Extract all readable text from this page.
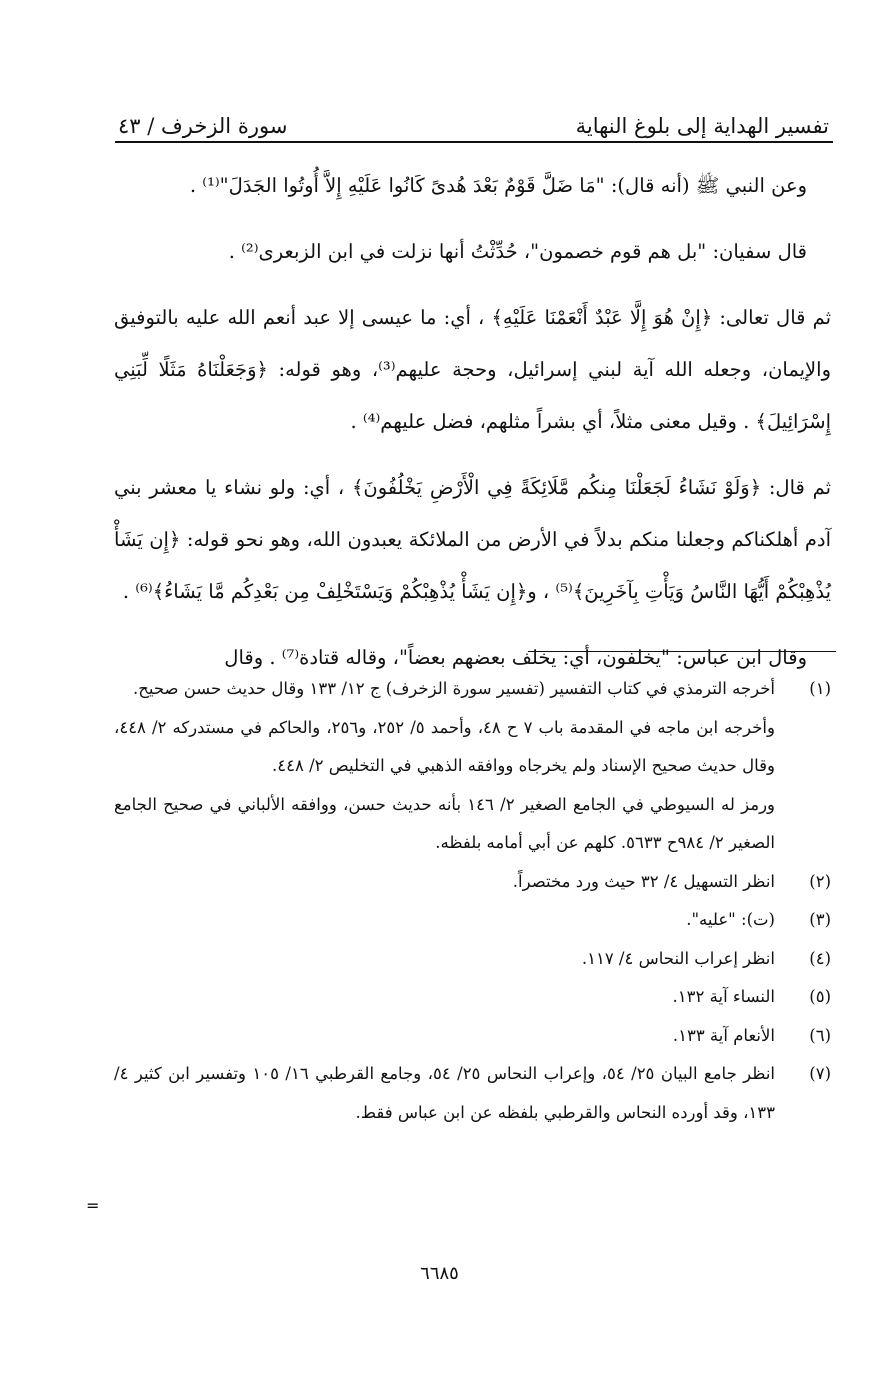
تفسير الهداية إلى بلوغ النهاية
سورة الزخرف / ٤٣

وعن النبي ﷺ (أنه قال): "مَا ضَلَّ قَوْمٌ بَعْدَ هُدىً كَانُوا عَلَيْهِ إِلاَّ أُوتُوا الجَدَلَ"⁽¹⁾ .

قال سفيان: "بل هم قوم خصمون"، حُدِّثْتُ أنها نزلت في ابن الزبعرى⁽²⁾ .

ثم قال تعالى: ﴿إِنْ هُوَ إِلَّا عَبْدٌ أَنْعَمْنَا عَلَيْهِ﴾ ، أي: ما عيسى إلا عبد أنعم الله عليه بالتوفيق والإيمان، وجعله الله آية لبني إسرائيل، وحجة عليهم⁽³⁾، وهو قوله: ﴿وَجَعَلْنَاهُ مَثَلًا لِّبَنِي إِسْرَائِيلَ﴾ . وقيل معنى مثلاً، أي بشراً مثلهم، فضل عليهم⁽⁴⁾ .

ثم قال: ﴿وَلَوْ نَشَاءُ لَجَعَلْنَا مِنكُم مَّلَائِكَةً فِي الْأَرْضِ يَخْلُفُونَ﴾ ، أي: ولو نشاء يا معشر بني آدم أهلكناكم وجعلنا منكم بدلاً في الأرض من الملائكة يعبدون الله، وهو نحو قوله: ﴿إِن يَشَأْ يُذْهِبْكُمْ أَيُّهَا النَّاسُ وَيَأْتِ بِآخَرِينَ﴾⁽⁵⁾ ، و﴿إِن يَشَأْ يُذْهِبْكُمْ وَيَسْتَخْلِفْ مِن بَعْدِكُم مَّا يَشَاءُ﴾⁽⁶⁾ .

وقال ابن عباس: "يخلفون، أي: يخلف بعضهم بعضاً"، وقاله قتادة⁽⁷⁾ . وقال

(١)
أخرجه الترمذي في كتاب التفسير (تفسير سورة الزخرف) ج ١٢/ ١٣٣ وقال حديث حسن صحيح.
وأخرجه ابن ماجه في المقدمة باب ٧ ح ٤٨، وأحمد ٥/ ٢٥٢، و٢٥٦، والحاكم في مستدركه ٢/ ٤٤٨، وقال حديث صحيح الإسناد ولم يخرجاه ووافقه الذهبي في التخليص ٢/ ٤٤٨.
ورمز له السيوطي في الجامع الصغير ٢/ ١٤٦ بأنه حديث حسن، ووافقه الألباني في صحيح الجامع الصغير ٢/ ٩٨٤ح ٥٦٣٣. كلهم عن أبي أمامه بلفظه.
(٢)
انظر التسهيل ٤/ ٣٢ حيث ورد مختصراً.
(٣)
(ت): "عليه".
(٤)
انظر إعراب النحاس ٤/ ١١٧.
(٥)
النساء آية ١٣٢.
(٦)
الأنعام آية ١٣٣.
(٧)
انظر جامع البيان ٢٥/ ٥٤، وإعراب النحاس ٢٥/ ٥٤، وجامع القرطبي ١٦/ ١٠٥ وتفسير ابن كثير ٤/ ١٣٣، وقد أورده النحاس والقرطبي بلفظه عن ابن عباس فقط.
=
٦٦٨٥
